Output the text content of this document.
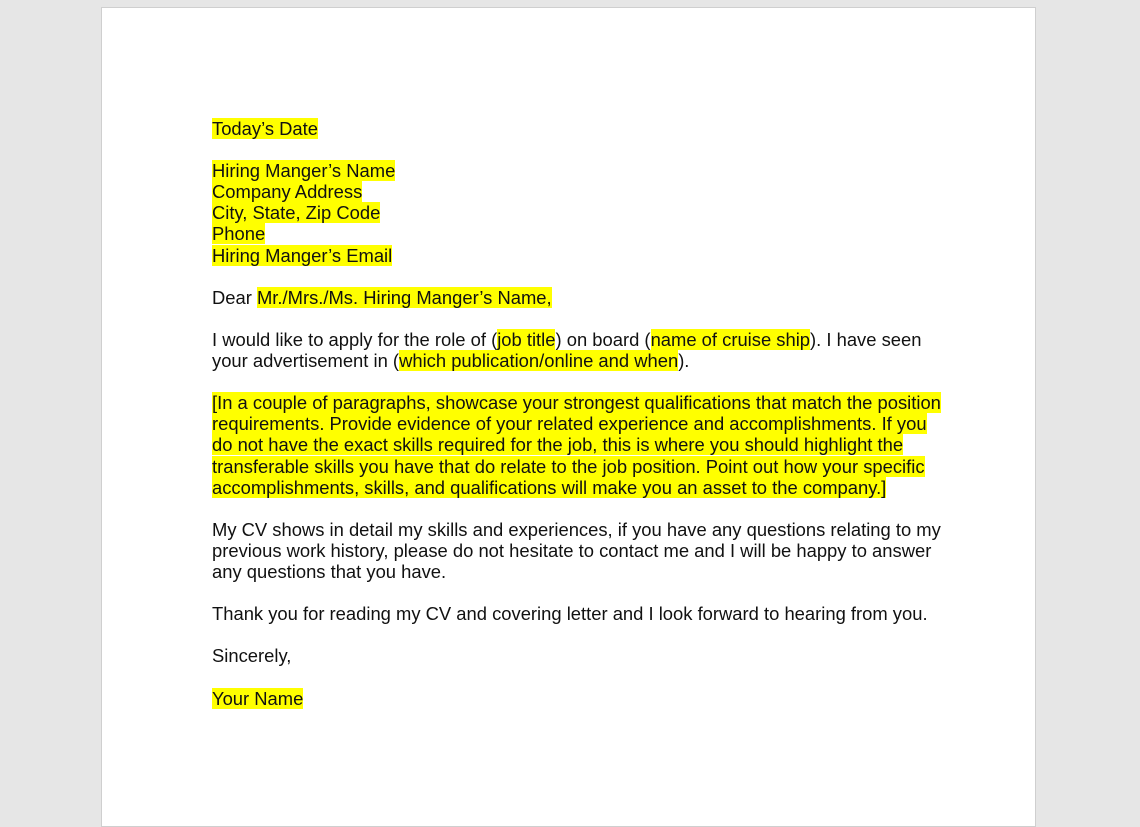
Today’s Date
Hiring Manger’s Name
Company Address
City, State, Zip Code
Phone
Hiring Manger’s Email
Dear Mr./Mrs./Ms. Hiring Manger’s Name,

I would like to apply for the role of (job title) on board (name of cruise ship). I have seen your advertisement in (which publication/online and when).

[In a couple of paragraphs, showcase your strongest qualifications that match the position requirements. Provide evidence of your related experience and accomplishments. If you do not have the exact skills required for the job, this is where you should highlight the transferable skills you have that do relate to the job position. Point out how your specific accomplishments, skills, and qualifications will make you an asset to the company.]

My CV shows in detail my skills and experiences, if you have any questions relating to my previous work history, please do not hesitate to contact me and I will be happy to answer any questions that you have.

Thank you for reading my CV and covering letter and I look forward to hearing from you.

Sincerely,
Your Name
